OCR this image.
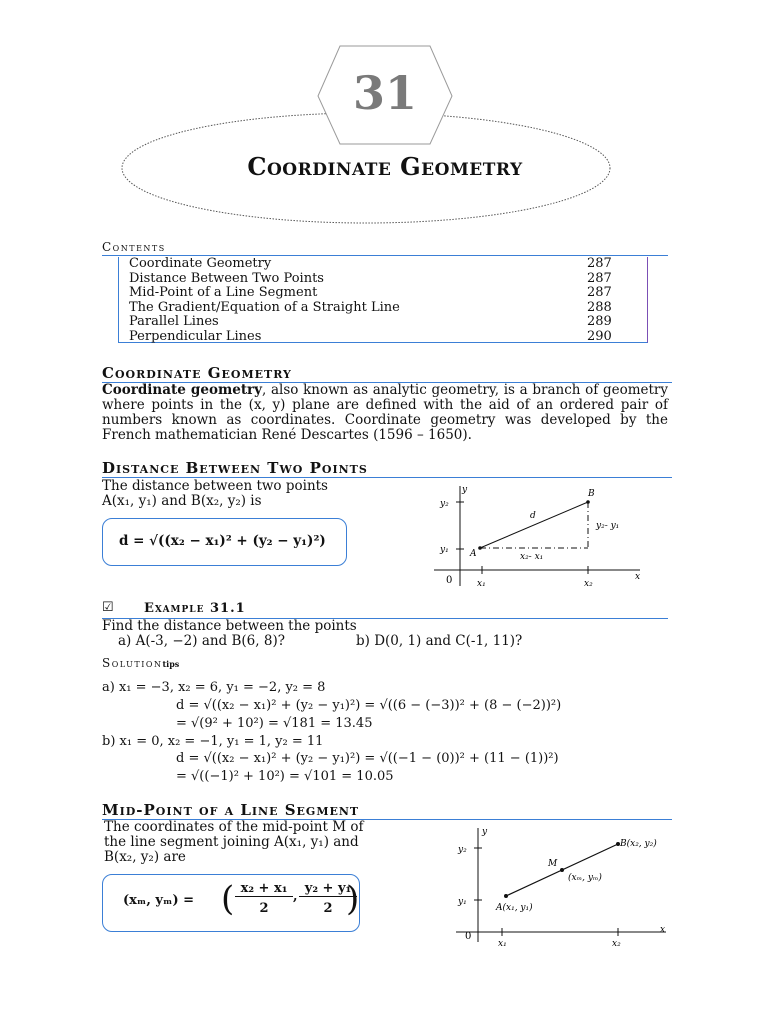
31
Coordinate Geometry
Contents
Coordinate Geometry	287
Distance Between Two Points	287
Mid-Point of a Line Segment	287
The Gradient/Equation of a Straight Line	288
Parallel Lines	289
Perpendicular Lines	290
Coordinate Geometry
Coordinate geometry, also known as analytic geometry, is a branch of geometry where points in the (x, y) plane are defined with the aid of an ordered pair of numbers known as coordinates. Coordinate geometry was developed by the French mathematician René Descartes (1596 – 1650).
Distance Between Two Points
The distance between two points
A(x₁, y₁) and B(x₂, y₂) is
d = √((x₂ − x₁)² + (y₂ − y₁)²)
y
x
0
y₂
y₁
x₁	x₂
A
B
d
y₂- y₁
x₂- x₁
☑ Example 31.1
Find the distance between the points
a) A(-3, −2) and B(6, 8)?	b) D(0, 1) and C(-1, 11)?
Solutiontips
a) x₁ = −3, x₂ = 6, y₁ = −2, y₂ = 8
d = √((x₂ − x₁)² + (y₂ − y₁)²) = √((6 − (−3))² + (8 − (−2))²)
= √(9² + 10²) = √181 = 13.45
b) x₁ = 0, x₂ = −1, y₁ = 1, y₂ = 11
d = √((x₂ − x₁)² + (y₂ − y₁)²) = √((−1 − (0))² + (11 − (1))²)
= √((−1)² + 10²) = √101 = 10.05
Mid-Point of a Line Segment
The coordinates of the mid-point M of
the line segment joining A(x₁, y₁) and
B(x₂, y₂) are
(xₘ, yₘ) = ( x₂ + x₁
2
,
y₂ + y₁
2 )
y
x
0
y₂
y₁
x₁	x₂
A(x₁, y₁)
B(x₂, y₂)
M
(xₘ, yₘ)
